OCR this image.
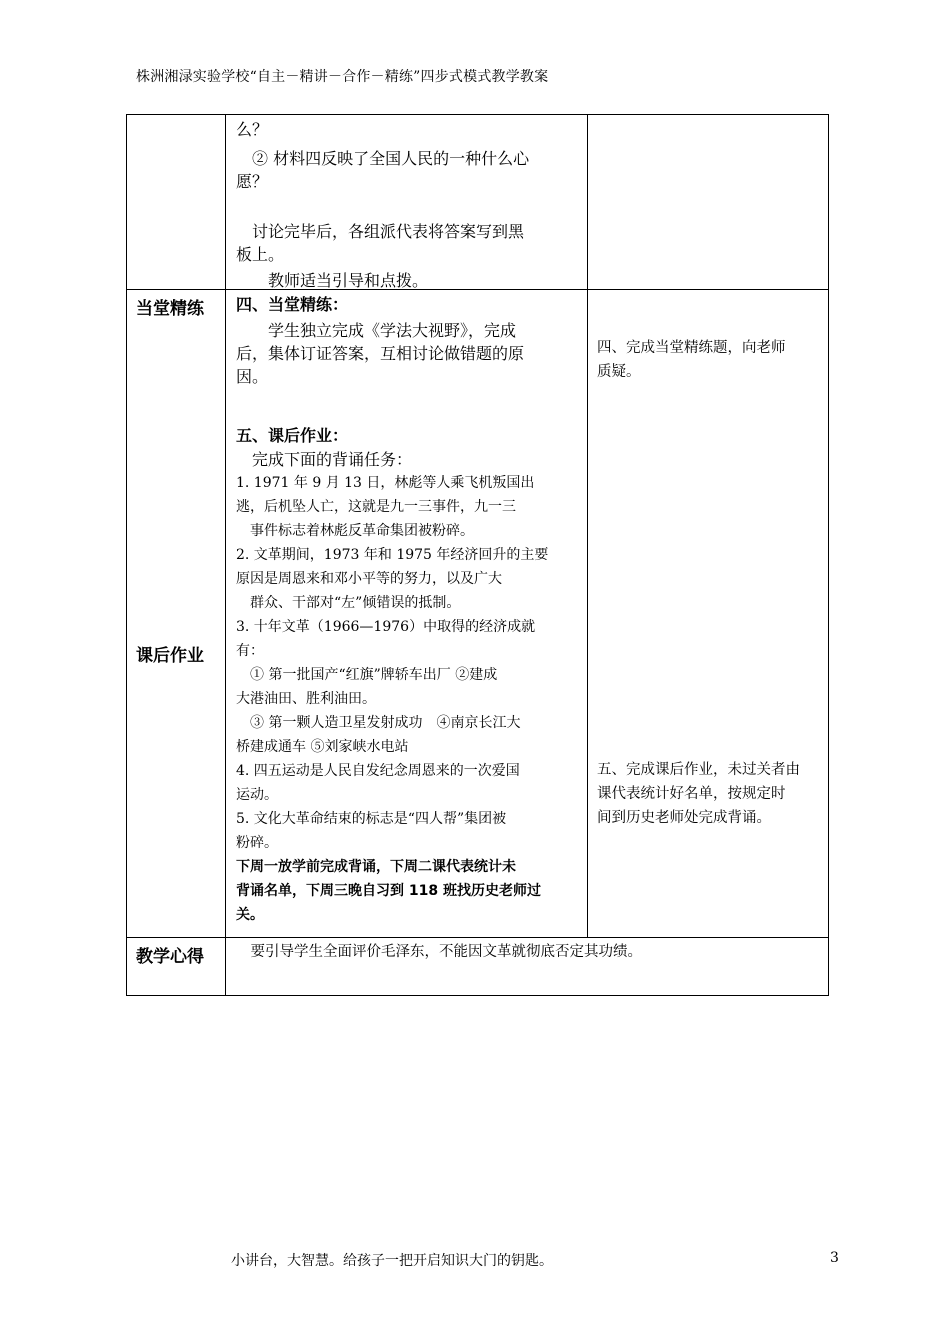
株洲湘渌实验学校“自主－精讲－合作－精练”四步式模式教学教案
么？
　② 材料四反映了全国人民的一种什么心
愿？
　讨论完毕后，各组派代表将答案写到黑
板上。
　　教师适当引导和点拨。
当堂精练
课后作业
教学心得
四、当堂精练：
　　学生独立完成《学法大视野》，完成
后，集体订证答案，互相讨论做错题的原
因。
五、课后作业：
　完成下面的背诵任务：
1. 1971 年 9 月 13 日，林彪等人乘飞机叛国出
逃，后机坠人亡，这就是九一三事件，九一三
　事件标志着林彪反革命集团被粉碎。
2. 文革期间，1973 年和 1975 年经济回升的主要
原因是周恩来和邓小平等的努力，以及广大
　群众、干部对“左”倾错误的抵制。
3. 十年文革（1966—1976）中取得的经济成就
有：
　① 第一批国产“红旗”牌轿车出厂 ②建成
大港油田、胜利油田。
　③ 第一颗人造卫星发射成功　④南京长江大
桥建成通车 ⑤刘家峡水电站
4. 四五运动是人民自发纪念周恩来的一次爱国
运动。
5. 文化大革命结束的标志是“四人帮”集团被
粉碎。
下周一放学前完成背诵，下周二课代表统计未
背诵名单，下周三晚自习到 118 班找历史老师过
关。
四、完成当堂精练题，向老师
质疑。
五、完成课后作业，未过关者由
课代表统计好名单，按规定时
间到历史老师处完成背诵。
　要引导学生全面评价毛泽东，不能因文革就彻底否定其功绩。
小讲台，大智慧。给孩子一把开启知识大门的钥匙。	3
